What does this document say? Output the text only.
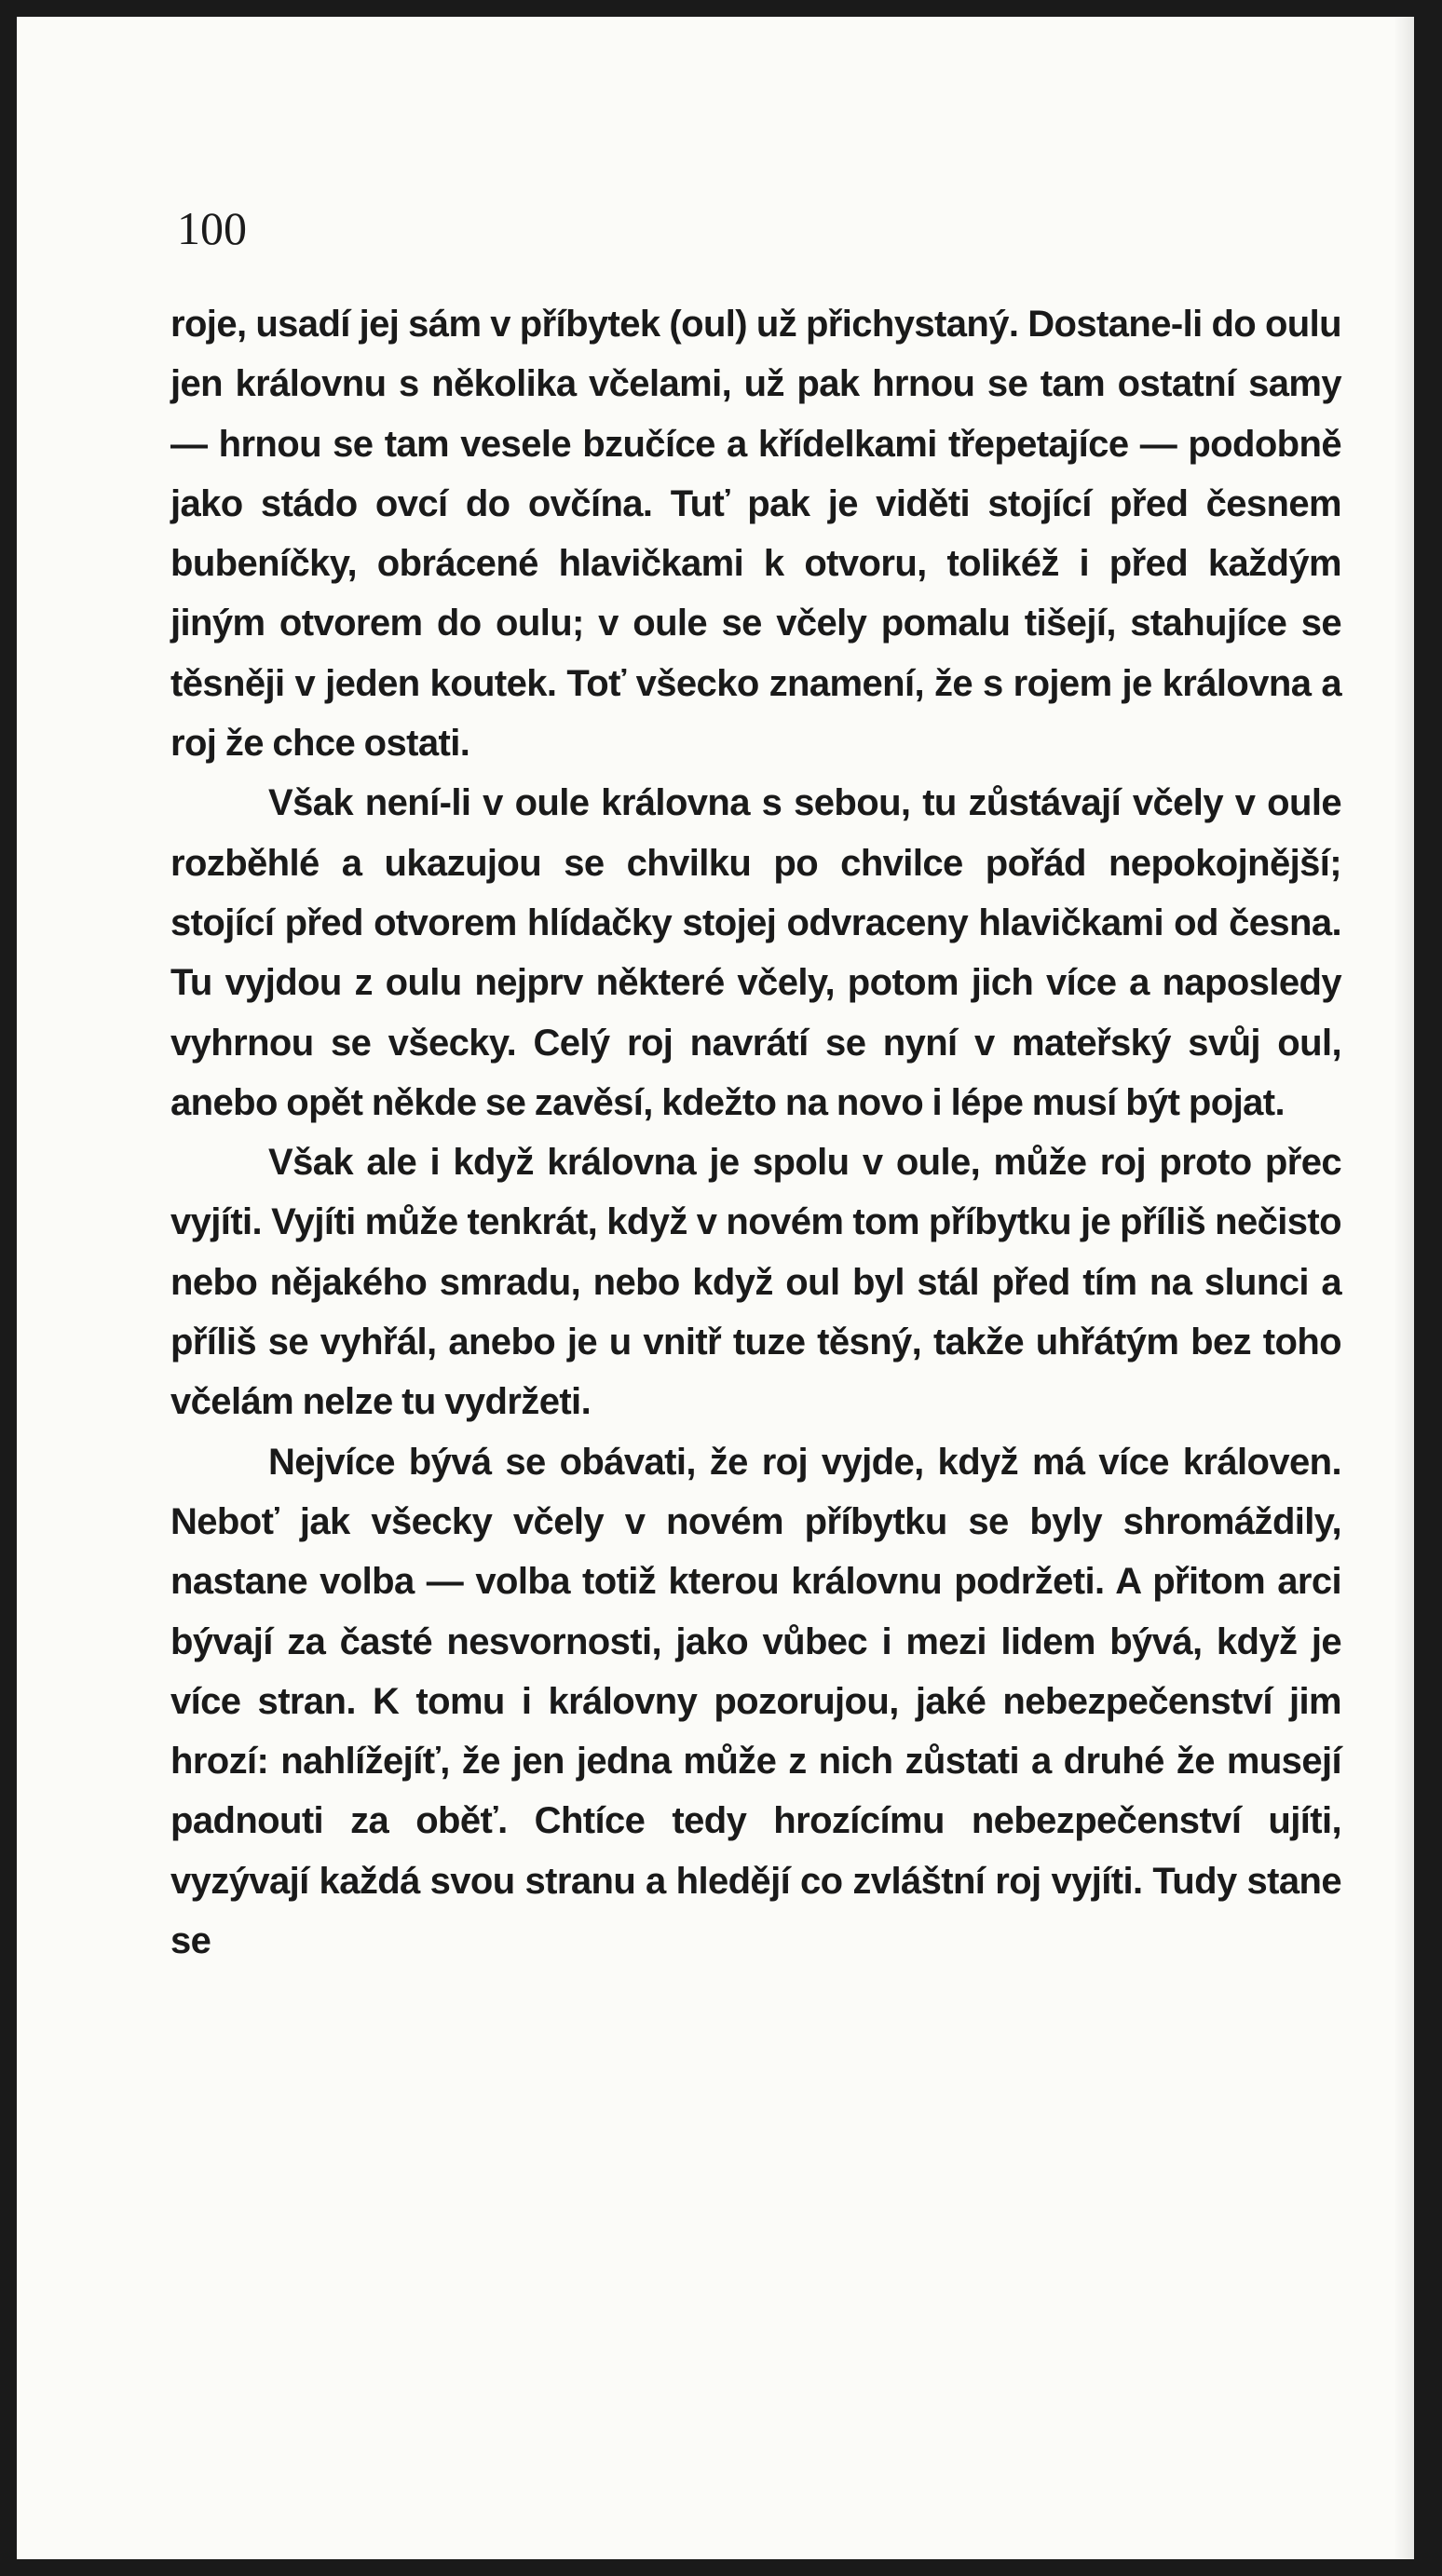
100

roje, usadí jej sám v příbytek (oul) už přichystaný. Dostane-li do oulu jen královnu s několika včelami, už pak hrnou se tam ostatní samy — hrnou se tam vesele bzučíce a křídelkami třepetajíce — podobně jako stádo ovcí do ovčína. Tuť pak je viděti stojící před česnem bubeníčky, obrácené hlavičkami k otvoru, tolikéž i před každým jiným otvorem do oulu; v oule se včely pomalu tišejí, stahujíce se těsněji v jeden koutek. Toť všecko znamení, že s rojem je královna a roj že chce ostati.

Však není-li v oule královna s sebou, tu zůstávají včely v oule rozběhlé a ukazujou se chvilku po chvilce pořád nepokojnější; stojící před otvorem hlídačky stojej odvraceny hlavičkami od česna. Tu vyjdou z oulu nejprv některé včely, potom jich více a naposledy vyhrnou se všecky. Celý roj navrátí se nyní v mateřský svůj oul, anebo opět někde se zavěsí, kdežto na novo i lépe musí být pojat.

Však ale i když královna je spolu v oule, může roj proto přec vyjíti. Vyjíti může tenkrát, když v novém tom příbytku je příliš nečisto nebo nějakého smradu, nebo když oul byl stál před tím na slunci a příliš se vyhřál, anebo je u vnitř tuze těsný, takže uhřátým bez toho včelám nelze tu vydržeti.

Nejvíce bývá se obávati, že roj vyjde, když má více královen. Neboť jak všecky včely v novém příbytku se byly shromáždily, nastane volba — volba totiž kterou královnu podržeti. A přitom arci bývají za časté nesvornosti, jako vůbec i mezi lidem bývá, když je více stran. K tomu i královny pozorujou, jaké nebezpečenství jim hrozí: nahlížejíť, že jen jedna může z nich zůstati a druhé že musejí padnouti za oběť. Chtíce tedy hrozícímu nebezpečenství ujíti, vyzývají každá svou stranu a hledějí co zvláštní roj vyjíti. Tudy stane se
